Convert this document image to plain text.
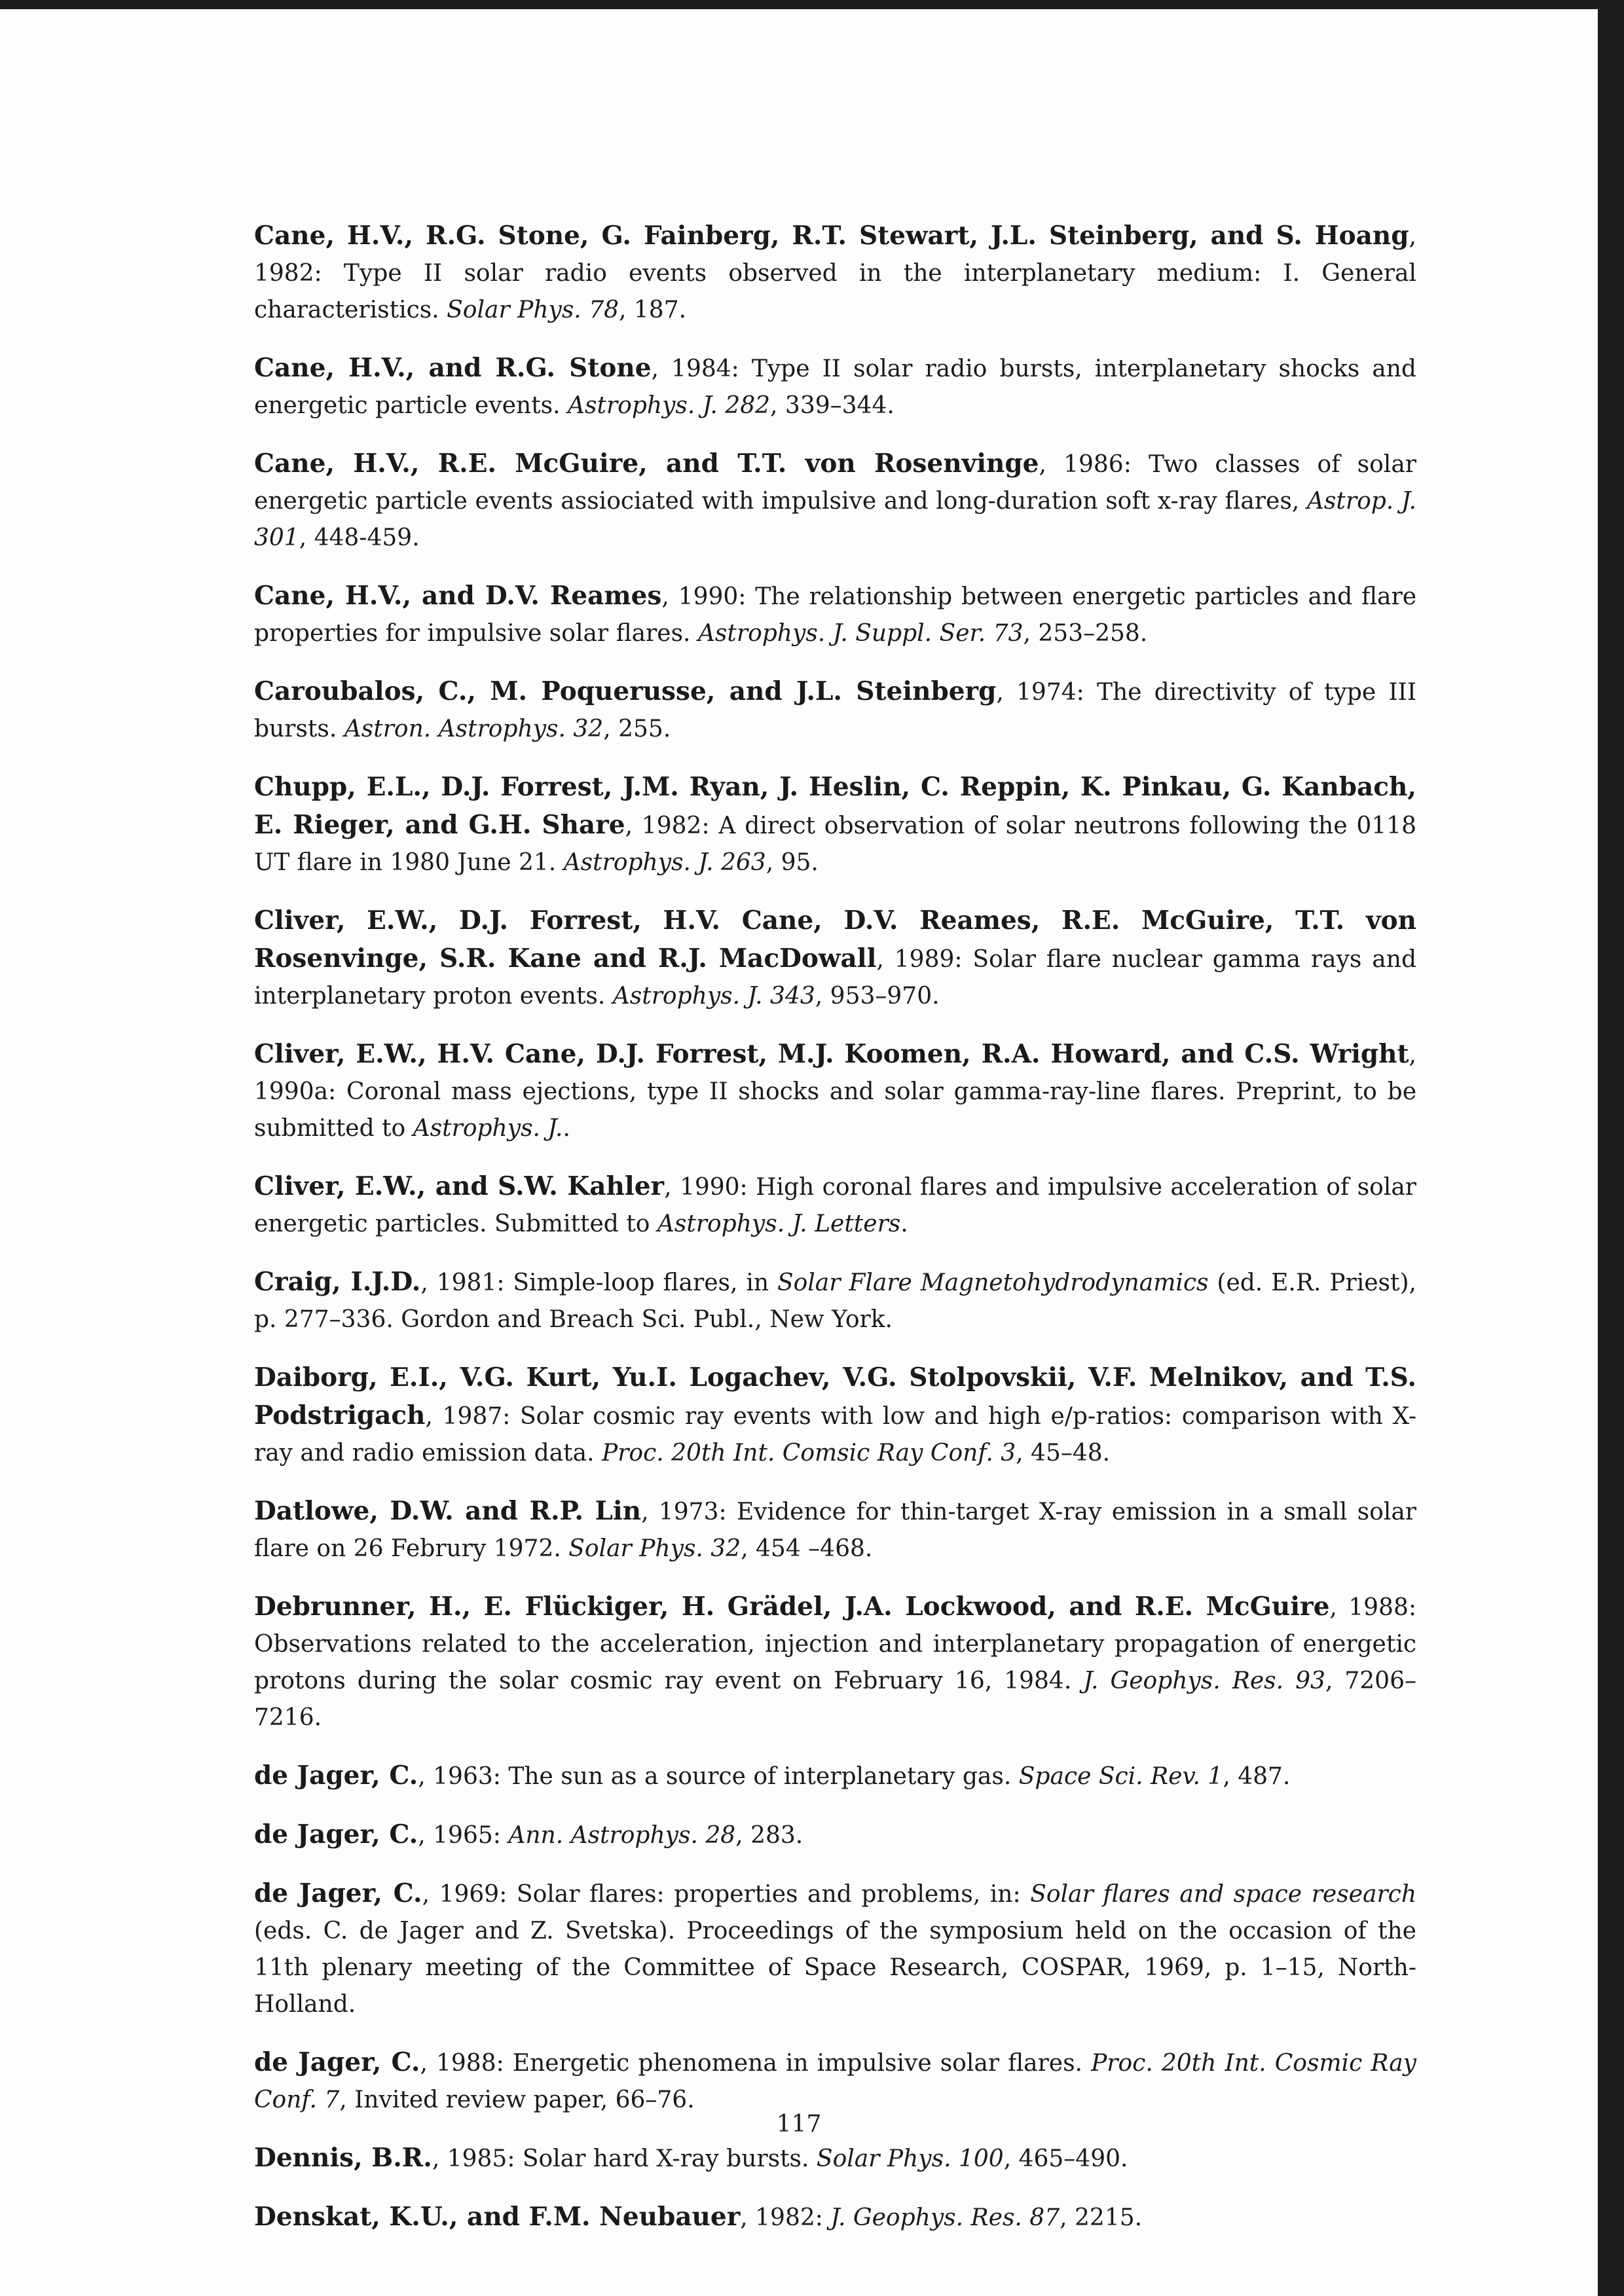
Cane, H.V., R.G. Stone, G. Fainberg, R.T. Stewart, J.L. Steinberg, and S. Hoang, 1982: Type II solar radio events observed in the interplanetary medium: I. General characteristics. Solar Phys. 78, 187.

Cane, H.V., and R.G. Stone, 1984: Type II solar radio bursts, interplanetary shocks and energetic particle events. Astrophys. J. 282, 339–344.

Cane, H.V., R.E. McGuire, and T.T. von Rosenvinge, 1986: Two classes of solar energetic particle events assiociated with impulsive and long-duration soft x-ray flares, Astrop. J. 301, 448-459.

Cane, H.V., and D.V. Reames, 1990: The relationship between energetic particles and flare properties for impulsive solar flares. Astrophys. J. Suppl. Ser. 73, 253–258.

Caroubalos, C., M. Poquerusse, and J.L. Steinberg, 1974: The directivity of type III bursts. Astron. Astrophys. 32, 255.

Chupp, E.L., D.J. Forrest, J.M. Ryan, J. Heslin, C. Reppin, K. Pinkau, G. Kanbach, E. Rieger, and G.H. Share, 1982: A direct observation of solar neutrons following the 0118 UT flare in 1980 June 21. Astrophys. J. 263, 95.

Cliver, E.W., D.J. Forrest, H.V. Cane, D.V. Reames, R.E. McGuire, T.T. von Rosenvinge, S.R. Kane and R.J. MacDowall, 1989: Solar flare nuclear gamma rays and interplanetary proton events. Astrophys. J. 343, 953–970.

Cliver, E.W., H.V. Cane, D.J. Forrest, M.J. Koomen, R.A. Howard, and C.S. Wright, 1990a: Coronal mass ejections, type II shocks and solar gamma-ray-line flares. Preprint, to be submitted to Astrophys. J..

Cliver, E.W., and S.W. Kahler, 1990: High coronal flares and impulsive acceleration of solar energetic particles. Submitted to Astrophys. J. Letters.

Craig, I.J.D., 1981: Simple-loop flares, in Solar Flare Magnetohydrodynamics (ed. E.R. Priest), p. 277–336. Gordon and Breach Sci. Publ., New York.

Daiborg, E.I., V.G. Kurt, Yu.I. Logachev, V.G. Stolpovskii, V.F. Melnikov, and T.S. Podstrigach, 1987: Solar cosmic ray events with low and high e/p-ratios: comparison with X-ray and radio emission data. Proc. 20th Int. Comsic Ray Conf. 3, 45–48.

Datlowe, D.W. and R.P. Lin, 1973: Evidence for thin-target X-ray emission in a small solar flare on 26 Februry 1972. Solar Phys. 32, 454 –468.

Debrunner, H., E. Flückiger, H. Grädel, J.A. Lockwood, and R.E. McGuire, 1988: Observations related to the acceleration, injection and interplanetary propagation of energetic protons during the solar cosmic ray event on February 16, 1984. J. Geophys. Res. 93, 7206–7216.

de Jager, C., 1963: The sun as a source of interplanetary gas. Space Sci. Rev. 1, 487.

de Jager, C., 1965: Ann. Astrophys. 28, 283.

de Jager, C., 1969: Solar flares: properties and problems, in: Solar flares and space research (eds. C. de Jager and Z. Svetska). Proceedings of the symposium held on the occasion of the 11th plenary meeting of the Committee of Space Research, COSPAR, 1969, p. 1–15, North-Holland.

de Jager, C., 1988: Energetic phenomena in impulsive solar flares. Proc. 20th Int. Cosmic Ray Conf. 7, Invited review paper, 66–76.

Dennis, B.R., 1985: Solar hard X-ray bursts. Solar Phys. 100, 465–490.

Denskat, K.U., and F.M. Neubauer, 1982: J. Geophys. Res. 87, 2215.

117
